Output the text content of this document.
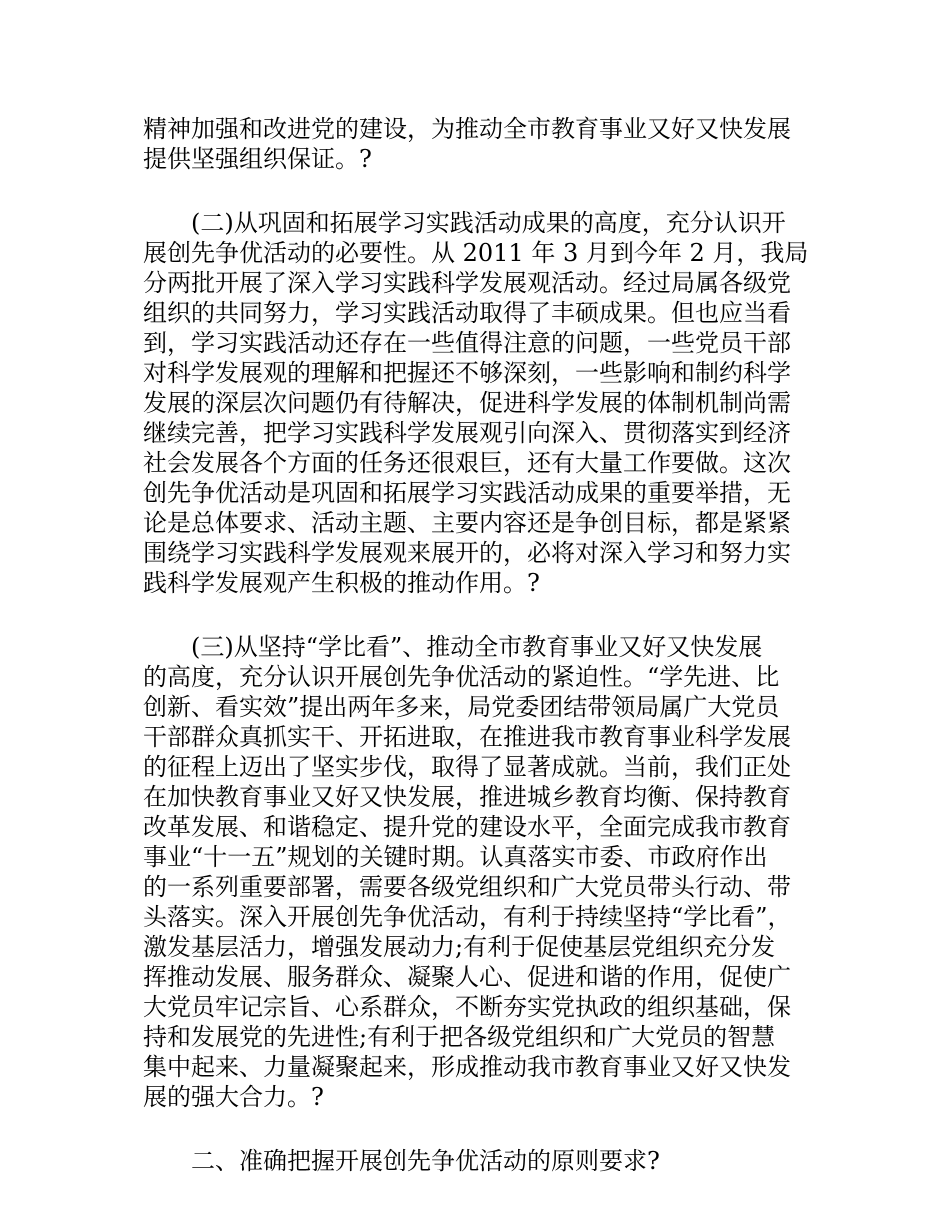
精神加强和改进党的建设，为推动全市教育事业又好又快发展
提供坚强组织保证。?
(二)从巩固和拓展学习实践活动成果的高度，充分认识开
展创先争优活动的必要性。从 2011 年 3 月到今年 2 月，我局
分两批开展了深入学习实践科学发展观活动。经过局属各级党
组织的共同努力，学习实践活动取得了丰硕成果。但也应当看
到，学习实践活动还存在一些值得注意的问题，一些党员干部
对科学发展观的理解和把握还不够深刻，一些影响和制约科学
发展的深层次问题仍有待解决，促进科学发展的体制机制尚需
继续完善，把学习实践科学发展观引向深入、贯彻落实到经济
社会发展各个方面的任务还很艰巨，还有大量工作要做。这次
创先争优活动是巩固和拓展学习实践活动成果的重要举措，无
论是总体要求、活动主题、主要内容还是争创目标，都是紧紧
围绕学习实践科学发展观来展开的，必将对深入学习和努力实
践科学发展观产生积极的推动作用。?
(三)从坚持“学比看”、推动全市教育事业又好又快发展
的高度，充分认识开展创先争优活动的紧迫性。“学先进、比
创新、看实效”提出两年多来，局党委团结带领局属广大党员
干部群众真抓实干、开拓进取，在推进我市教育事业科学发展
的征程上迈出了坚实步伐，取得了显著成就。当前，我们正处
在加快教育事业又好又快发展，推进城乡教育均衡、保持教育
改革发展、和谐稳定、提升党的建设水平，全面完成我市教育
事业“十一五”规划的关键时期。认真落实市委、市政府作出
的一系列重要部署，需要各级党组织和广大党员带头行动、带
头落实。深入开展创先争优活动，有利于持续坚持“学比看”，
激发基层活力，增强发展动力;有利于促使基层党组织充分发
挥推动发展、服务群众、凝聚人心、促进和谐的作用，促使广
大党员牢记宗旨、心系群众，不断夯实党执政的组织基础，保
持和发展党的先进性;有利于把各级党组织和广大党员的智慧
集中起来、力量凝聚起来，形成推动我市教育事业又好又快发
展的强大合力。?
二、准确把握开展创先争优活动的原则要求?
